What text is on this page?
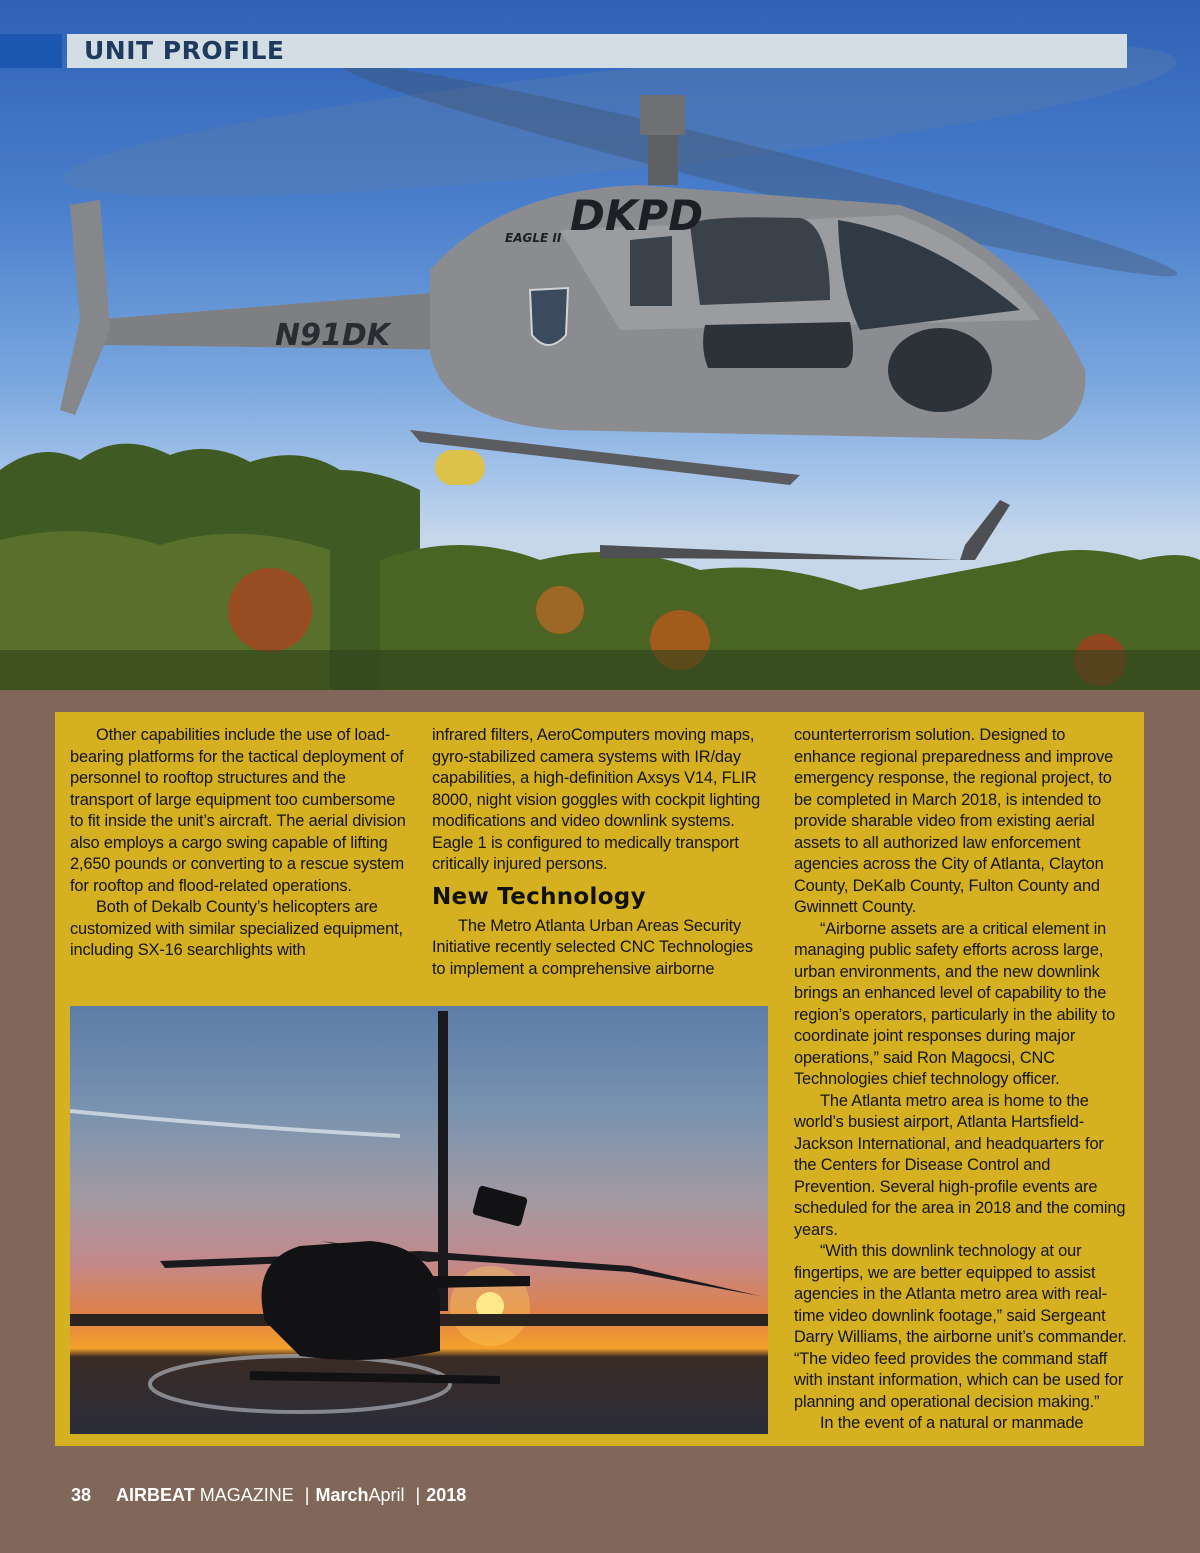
DKPD
EAGLE II
N91DK
UNIT PROFILE

Other capabilities include the use of load-bearing platforms for the tactical deployment of personnel to rooftop structures and the transport of large equipment too cumbersome to fit inside the unit’s aircraft. The aerial division also employs a cargo swing capable of lifting 2,650 pounds or converting to a rescue system for rooftop and flood-related operations.

Both of Dekalb County’s helicopters are customized with similar specialized equipment, including SX-16 searchlights with

infrared filters, AeroComputers moving maps, gyro-stabilized camera systems with IR/day capabilities, a high-definition Axsys V14, FLIR 8000, night vision goggles with cockpit lighting modifications and video downlink systems. Eagle 1 is configured to medically transport critically injured persons.

New Technology

The Metro Atlanta Urban Areas Security Initiative recently selected CNC Technologies to implement a comprehensive airborne

counterterrorism solution. Designed to enhance regional preparedness and improve emergency response, the regional project, to be completed in March 2018, is intended to provide sharable video from existing aerial assets to all authorized law enforcement agencies across the City of Atlanta, Clayton County, DeKalb County, Fulton County and Gwinnett County.

“Airborne assets are a critical element in managing public safety efforts across large, urban environments, and the new downlink brings an enhanced level of capability to the region’s operators, particularly in the ability to coordinate joint responses during major operations,” said Ron Magocsi, CNC Technologies chief technology officer.

The Atlanta metro area is home to the world’s busiest airport, Atlanta Hartsfield-Jackson International, and headquarters for the Centers for Disease Control and Prevention. Several high-profile events are scheduled for the area in 2018 and the coming years.

“With this downlink technology at our fingertips, we are better equipped to assist agencies in the Atlanta metro area with real-time video downlink footage,” said Sergeant Darry Williams, the airborne unit’s commander. “The video feed provides the command staff with instant information, which can be used for planning and operational decision making.”

In the event of a natural or manmade

38 AIRBEAT MAGAZINE | MarchApril | 2018
